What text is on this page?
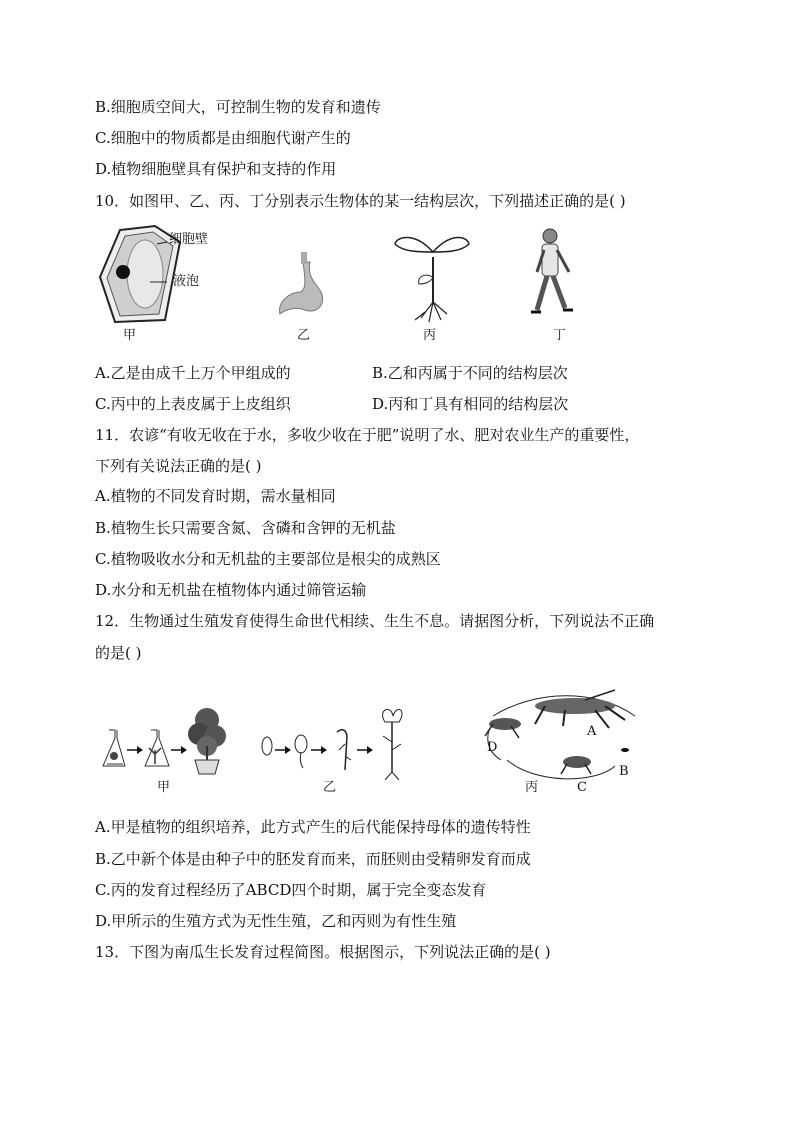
B.细胞质空间大，可控制生物的发育和遗传
C.细胞中的物质都是由细胞代谢产生的
D.植物细胞壁具有保护和支持的作用
10．如图甲、乙、丙、丁分别表示生物体的某一结构层次，下列描述正确的是( )
细胞壁
液泡
甲	乙	丙	丁
A.乙是由成千上万个甲组成的	B.乙和丙属于不同的结构层次
C.丙中的上表皮属于上皮组织	D.丙和丁具有相同的结构层次
11．农谚“有收无收在于水，多收少收在于肥”说明了水、肥对农业生产的重要性，
下列有关说法正确的是( )
A.植物的不同发育时期，需水量相同
B.植物生长只需要含氮、含磷和含钾的无机盐
C.植物吸收水分和无机盐的主要部位是根尖的成熟区
D.水分和无机盐在植物体内通过筛管运输
12．生物通过生殖发育使得生命世代相续、生生不息。请据图分析，下列说法不正确
的是( )
甲	乙	丙
A
B
C
D
A.甲是植物的组织培养，此方式产生的后代能保持母体的遗传特性
B.乙中新个体是由种子中的胚发育而来，而胚则由受精卵发育而成
C.丙的发育过程经历了ABCD四个时期，属于完全变态发育
D.甲所示的生殖方式为无性生殖，乙和丙则为有性生殖
13．下图为南瓜生长发育过程简图。根据图示，下列说法正确的是( )
